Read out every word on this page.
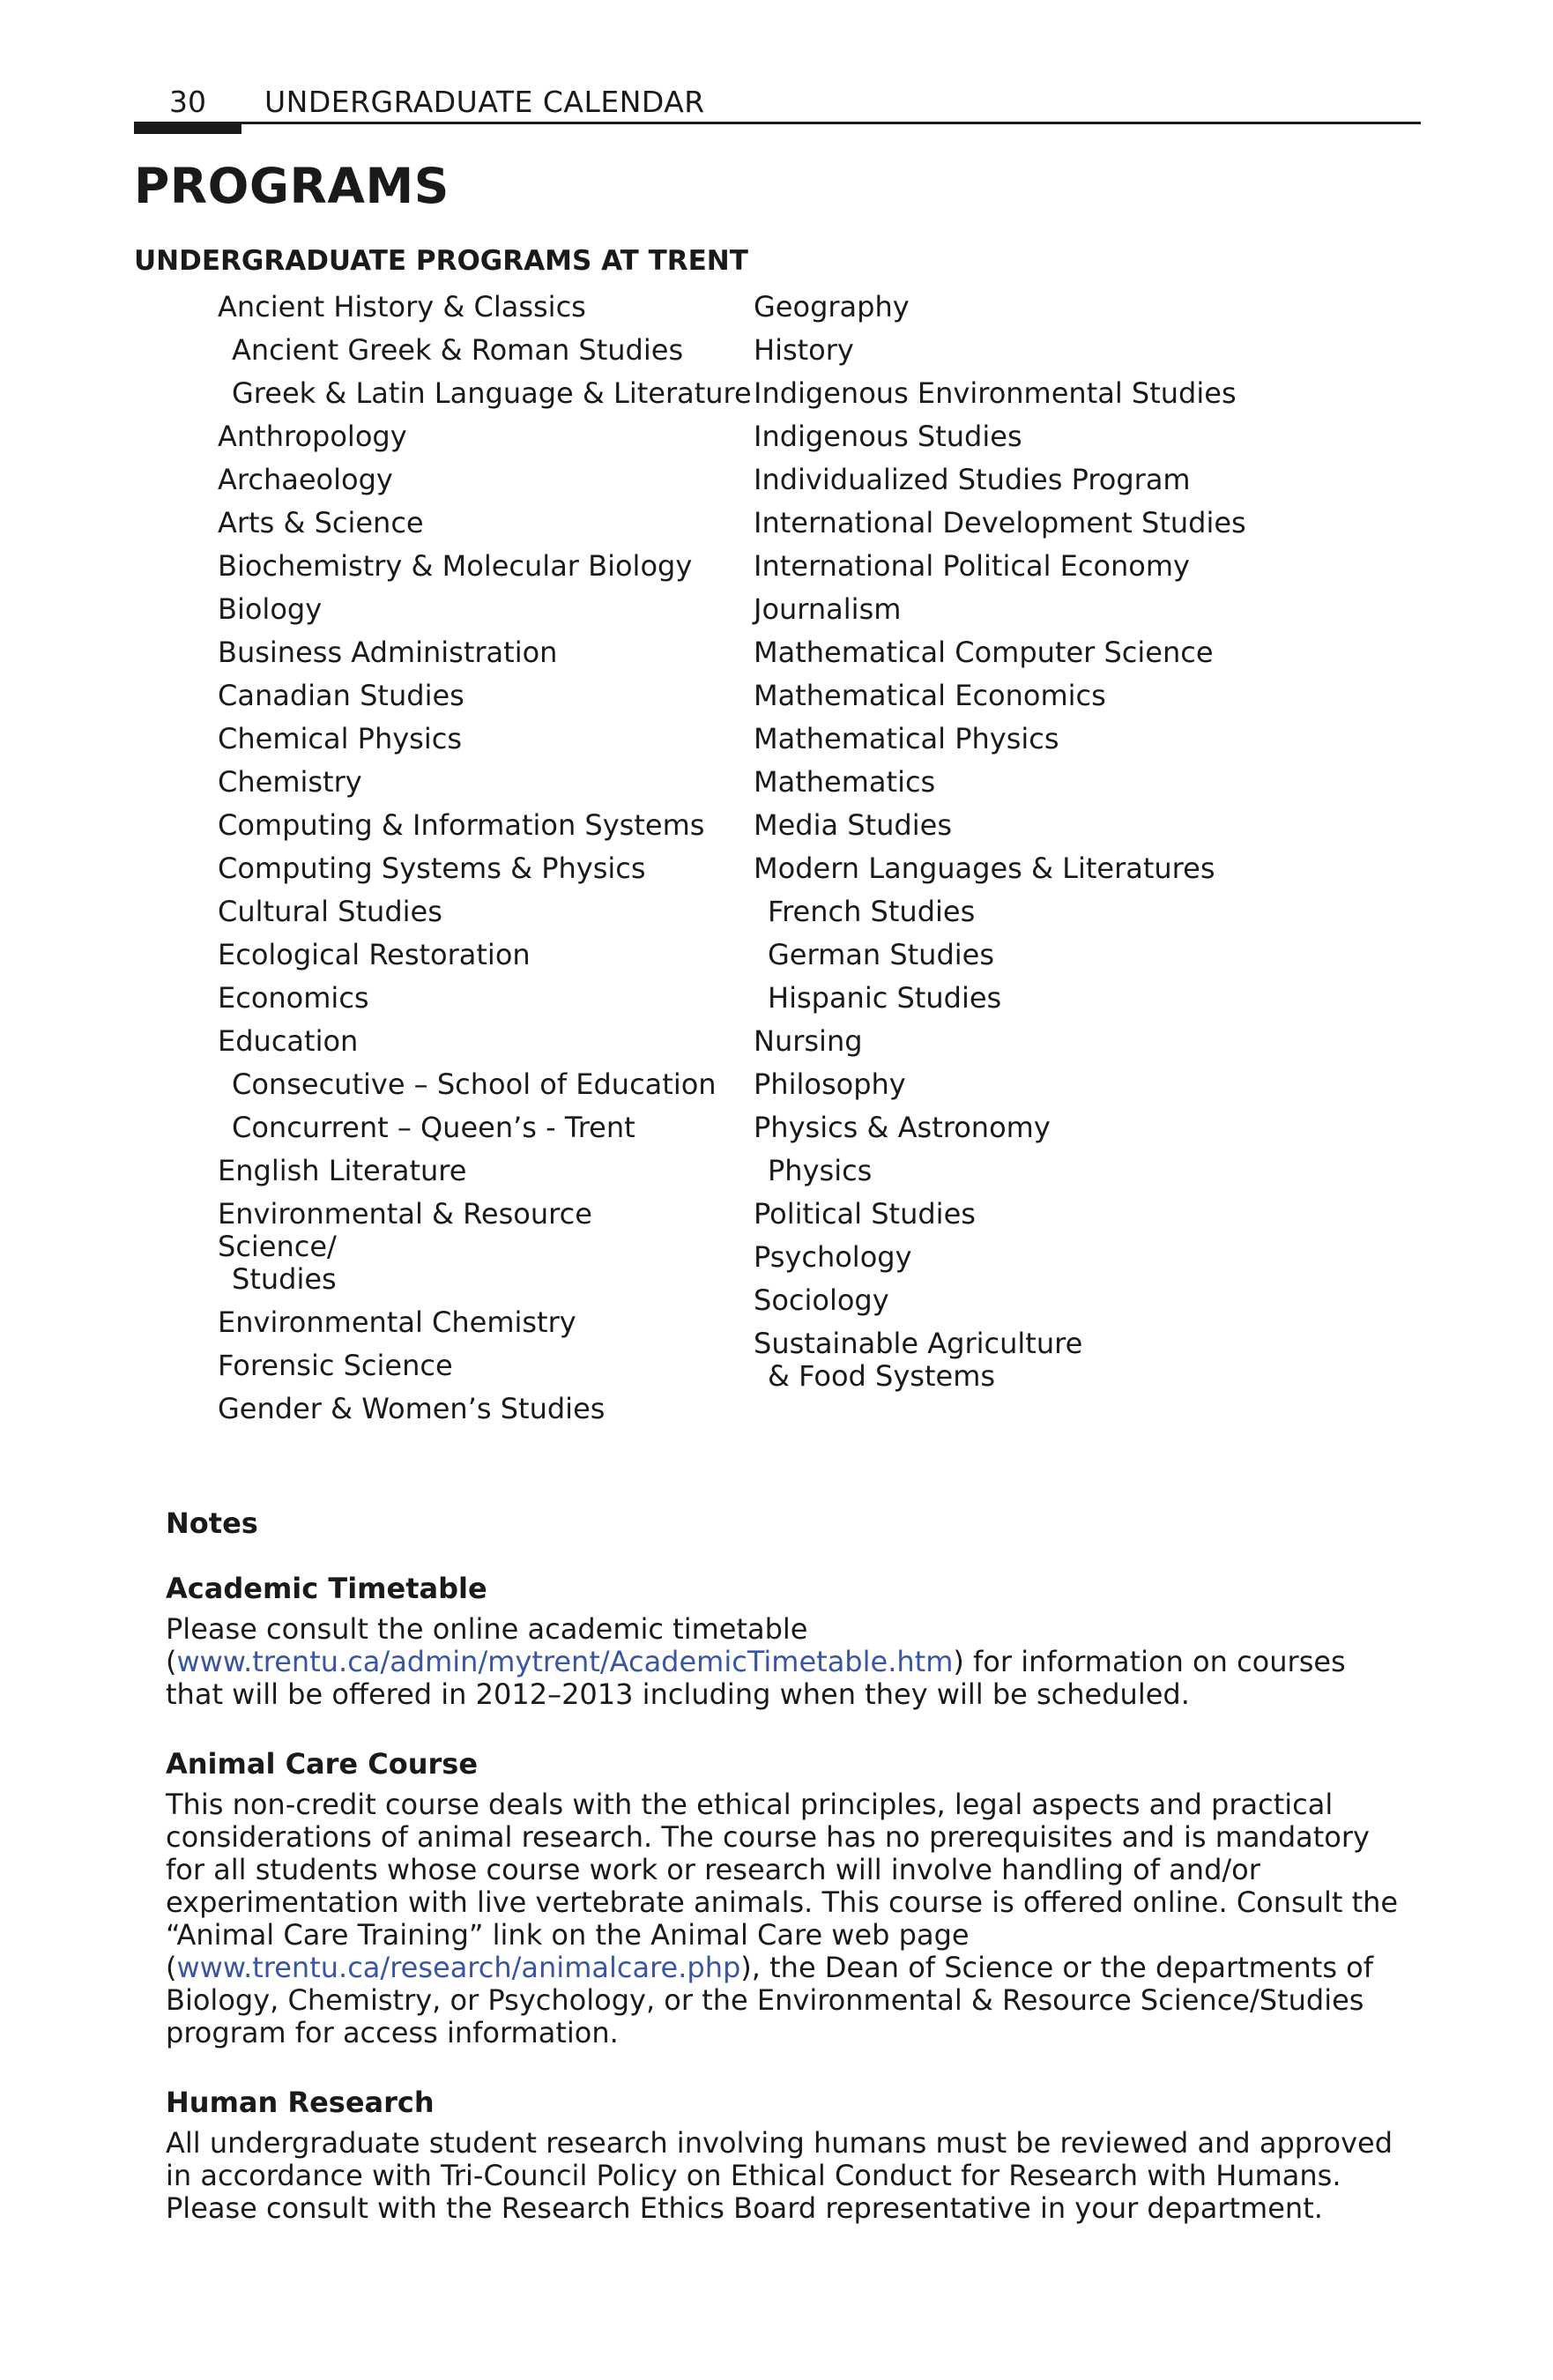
30 UNDERGRADUATE CALENDAR
PROGRAMS
UNDERGRADUATE PROGRAMS AT TRENT
Ancient History & Classics
Ancient Greek & Roman Studies
Greek & Latin Language & Literature
Anthropology
Archaeology
Arts & Science
Biochemistry & Molecular Biology
Biology
Business Administration
Canadian Studies
Chemical Physics
Chemistry
Computing & Information Systems
Computing Systems & Physics
Cultural Studies
Ecological Restoration
Economics
Education
Consecutive – School of Education
Concurrent – Queen’s - Trent
English Literature
Environmental & Resource Science/
Studies
Environmental Chemistry
Forensic Science
Gender & Women’s Studies
Geography
History
Indigenous Environmental Studies
Indigenous Studies
Individualized Studies Program
International Development Studies
International Political Economy
Journalism
Mathematical Computer Science
Mathematical Economics
Mathematical Physics
Mathematics
Media Studies
Modern Languages & Literatures
French Studies
German Studies
Hispanic Studies
Nursing
Philosophy
Physics & Astronomy
Physics
Political Studies
Psychology
Sociology
Sustainable Agriculture
& Food Systems
Notes
Academic Timetable

Please consult the online academic timetable (www.trentu.ca/admin/mytrent/AcademicTimetable.htm) for information on courses that will be offered in 2012–2013 including when they will be scheduled.

Animal Care Course

This non-credit course deals with the ethical principles, legal aspects and practical considerations of animal research. The course has no prerequisites and is mandatory for all students whose course work or research will involve handling of and/or experimentation with live vertebrate animals. This course is offered online. Consult the “Animal Care Training” link on the Animal Care web page (www.trentu.ca/research/animalcare.php), the Dean of Science or the departments of Biology, Chemistry, or Psychology, or the Environmental & Resource Science/Studies program for access information.

Human Research

All undergraduate student research involving humans must be reviewed and approved in accordance with Tri-Council Policy on Ethical Conduct for Research with Humans. Please consult with the Research Ethics Board representative in your department.
